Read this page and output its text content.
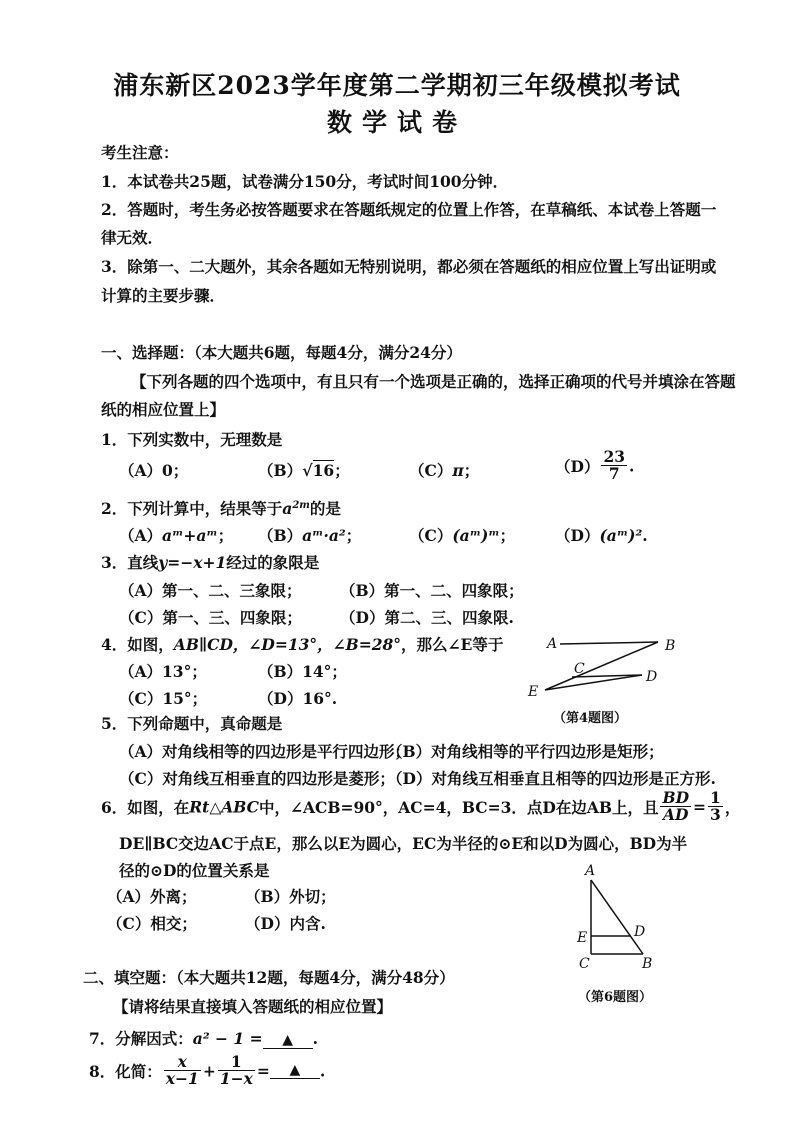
浦东新区2023学年度第二学期初三年级模拟考试
数学试卷
考生注意：
1．本试卷共25题，试卷满分150分，考试时间100分钟．
2．答题时，考生务必按答题要求在答题纸规定的位置上作答，在草稿纸、本试卷上答题一
律无效．
3．除第一、二大题外，其余各题如无特别说明，都必须在答题纸的相应位置上写出证明或
计算的主要步骤．
一、选择题：（本大题共6题，每题4分，满分24分）
【下列各题的四个选项中，有且只有一个选项是正确的，选择正确项的代号并填涂在答题
纸的相应位置上】
1．下列实数中，无理数是
（A）0；	（B）√16；	（C）π；	$(D) \frac{23}{7}$ .
2．下列计算中，结果等于$a^{2m}$的是
（A）aᵐ+aᵐ； （B）aᵐ·a²；	（C）(aᵐ)ᵐ；	（D）(aᵐ)².
3．直线y=−x+1经过的象限是
（A）第一、二、三象限； （B）第一、二、四象限；
（C）第一、三、四象限； （D）第二、三、四象限.
4．如图，AB∥CD，∠D=13°，∠B=28°，那么∠E等于
（A）13°；	（B）14°；
（C）15°；	（D）16°.
A	B
C	D
E
（第4题图）
5．下列命题中，真命题是
（A）对角线相等的四边形是平行四边形；
（B）对角线相等的平行四边形是矩形；
（C）对角线互相垂直的四边形是菱形；
（D）对角线互相垂直且相等的四边形是正方形.
6．如图，在Rt△ABC中，∠ACB=90°，AC=4，BC=3．点D在边AB上，且 $\frac{BD}{AD} = \frac{1}{3}$ ，
DE∥BC交边AC于点E，那么以E为圆心，EC为半径的⊙E和以D为圆心，BD为半
径的⊙D的位置关系是
（A）外离；	（B）外切；
（C）相交；	（D）内含.
A
E	D
C	B
（第6题图）
二、填空题：（本大题共12题，每题4分，满分48分）
【请将结果直接填入答题纸的相应位置】
7．分解因式：a² − 1 = ▲ .
8．化简： $\frac{x}{x-1} + \frac{1}{1-x}$ = ▲ .
